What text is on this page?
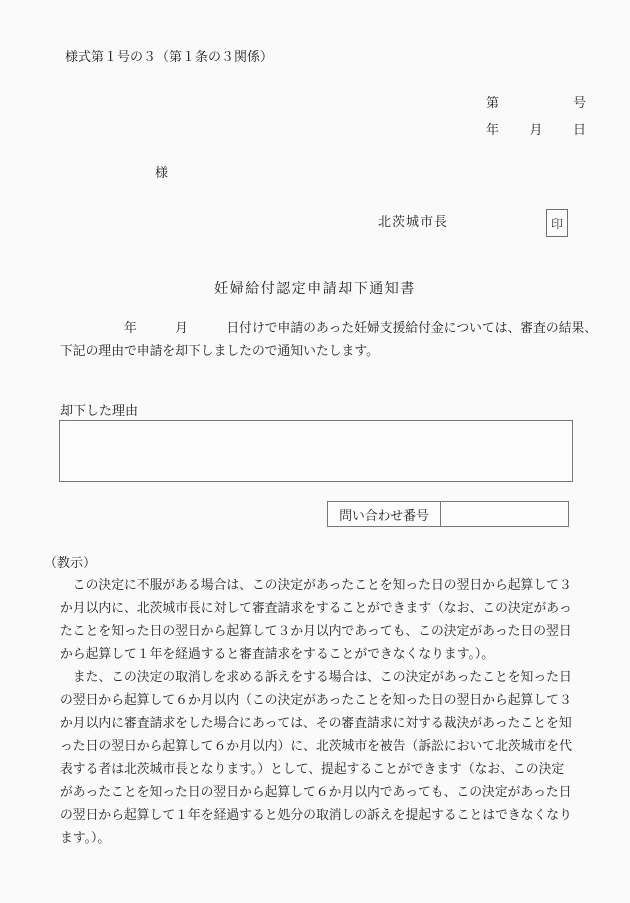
様式第１号の３（第１条の３関係）
第	号
年 月 日
様
北茨城市長	印
妊婦給付認定申請却下通知書
　　　　　年　　　月　　　日付けで申請のあった妊婦支援給付金については、審査の結果、
下記の理由で申請を却下しましたので通知いたします。
却下した理由
問い合わせ番号
（教示）
　この決定に不服がある場合は、この決定があったことを知った日の翌日から起算して３
か月以内に、北茨城市長に対して審査請求をすることができます（なお、この決定があっ
たことを知った日の翌日から起算して３か月以内であっても、この決定があった日の翌日
から起算して１年を経過すると審査請求をすることができなくなります。）。
　また、この決定の取消しを求める訴えをする場合は、この決定があったことを知った日
の翌日から起算して６か月以内（この決定があったことを知った日の翌日から起算して３
か月以内に審査請求をした場合にあっては、その審査請求に対する裁決があったことを知
った日の翌日から起算して６か月以内）に、北茨城市を被告（訴訟において北茨城市を代
表する者は北茨城市長となります。）として、提起することができます（なお、この決定
があったことを知った日の翌日から起算して６か月以内であっても、この決定があった日
の翌日から起算して１年を経過すると処分の取消しの訴えを提起することはできなくなり
ます。）。
